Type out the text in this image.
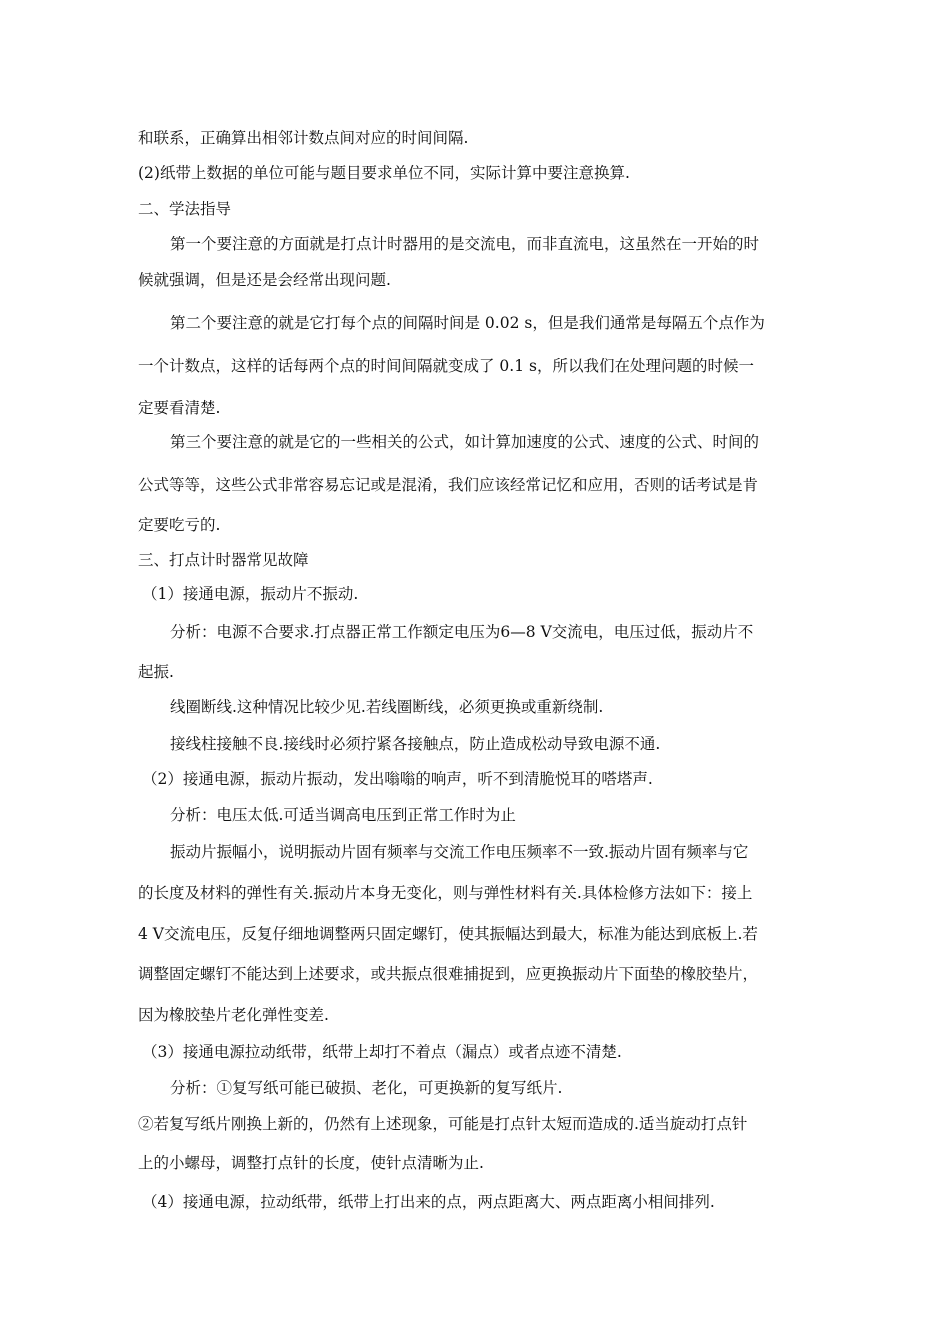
和联系，正确算出相邻计数点间对应的时间间隔.
(2)纸带上数据的单位可能与题目要求单位不同，实际计算中要注意换算.
二、学法指导
第一个要注意的方面就是打点计时器用的是交流电，而非直流电，这虽然在一开始的时
候就强调，但是还是会经常出现问题.
第二个要注意的就是它打每个点的间隔时间是 0.02 s，但是我们通常是每隔五个点作为
一个计数点，这样的话每两个点的时间间隔就变成了 0.1 s，所以我们在处理问题的时候一
定要看清楚.
第三个要注意的就是它的一些相关的公式，如计算加速度的公式、速度的公式、时间的
公式等等，这些公式非常容易忘记或是混淆，我们应该经常记忆和应用，否则的话考试是肯
定要吃亏的.
三、打点计时器常见故障
（1）接通电源，振动片不振动.
分析：电源不合要求.打点器正常工作额定电压为6—8 V交流电，电压过低，振动片不
起振.
线圈断线.这种情况比较少见.若线圈断线，必须更换或重新绕制.
接线柱接触不良.接线时必须拧紧各接触点，防止造成松动导致电源不通.
（2）接通电源，振动片振动，发出嗡嗡的响声，听不到清脆悦耳的嗒塔声.
分析：电压太低.可适当调高电压到正常工作时为止
振动片振幅小，说明振动片固有频率与交流工作电压频率不一致.振动片固有频率与它
的长度及材料的弹性有关.振动片本身无变化，则与弹性材料有关.具体检修方法如下：接上
4 V交流电压，反复仔细地调整两只固定螺钉，使其振幅达到最大，标准为能达到底板上.若
调整固定螺钉不能达到上述要求，或共振点很难捕捉到，应更换振动片下面垫的橡胶垫片，
因为橡胶垫片老化弹性变差.
（3）接通电源拉动纸带，纸带上却打不着点（漏点）或者点迹不清楚.
分析：①复写纸可能已破损、老化，可更换新的复写纸片.
②若复写纸片刚换上新的，仍然有上述现象，可能是打点针太短而造成的.适当旋动打点针
上的小螺母，调整打点针的长度，使针点清晰为止.
（4）接通电源，拉动纸带，纸带上打出来的点，两点距离大、两点距离小相间排列.
